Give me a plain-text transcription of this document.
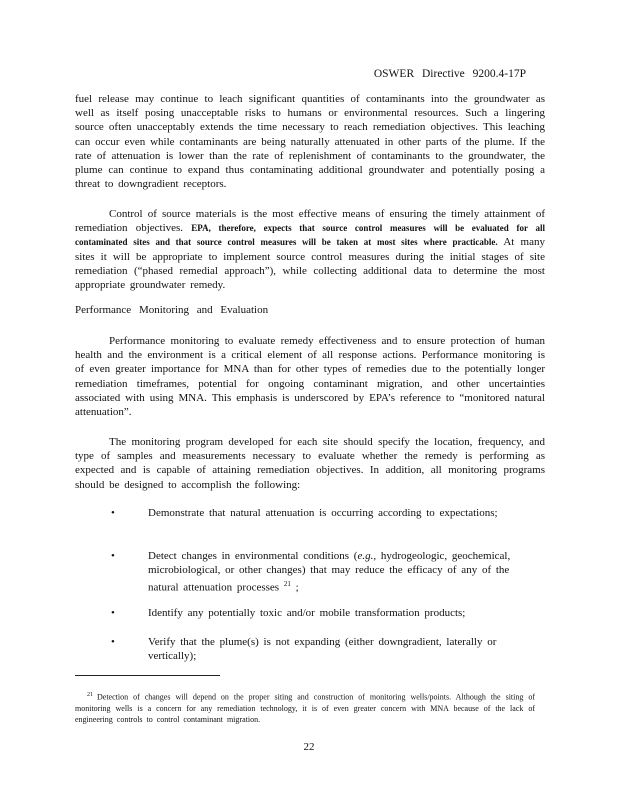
OSWER Directive 9200.4-17P
fuel release may continue to leach significant quantities of contaminants into the groundwater as well as itself posing unacceptable risks to humans or environmental resources. Such a lingering source often unacceptably extends the time necessary to reach remediation objectives. This leaching can occur even while contaminants are being naturally attenuated in other parts of the plume. If the rate of attenuation is lower than the rate of replenishment of contaminants to the groundwater, the plume can continue to expand thus contaminating additional groundwater and potentially posing a threat to downgradient receptors.
Control of source materials is the most effective means of ensuring the timely attainment of remediation objectives. EPA, therefore, expects that source control measures will be evaluated for all contaminated sites and that source control measures will be taken at most sites where practicable. At many sites it will be appropriate to implement source control measures during the initial stages of site remediation (“phased remedial approach”), while collecting additional data to determine the most appropriate groundwater remedy.
Performance Monitoring and Evaluation
Performance monitoring to evaluate remedy effectiveness and to ensure protection of human health and the environment is a critical element of all response actions. Performance monitoring is of even greater importance for MNA than for other types of remedies due to the potentially longer remediation timeframes, potential for ongoing contaminant migration, and other uncertainties associated with using MNA. This emphasis is underscored by EPA’s reference to “monitored natural attenuation”.
The monitoring program developed for each site should specify the location, frequency, and type of samples and measurements necessary to evaluate whether the remedy is performing as expected and is capable of attaining remediation objectives. In addition, all monitoring programs should be designed to accomplish the following:
•	Demonstrate that natural attenuation is occurring according to expectations;
•	Detect changes in environmental conditions (e.g., hydrogeologic, geochemical, microbiological, or other changes) that may reduce the efficacy of any of the natural attenuation processes $^{21}$ ;
•	Identify any potentially toxic and/or mobile transformation products;
•	Verify that the plume(s) is not expanding (either downgradient, laterally or vertically);
$^{21}$ Detection of changes will depend on the proper siting and construction of monitoring wells/points. Although the siting of monitoring wells is a concern for any remediation technology, it is of even greater concern with MNA because of the lack of engineering controls to control contaminant migration.
22
